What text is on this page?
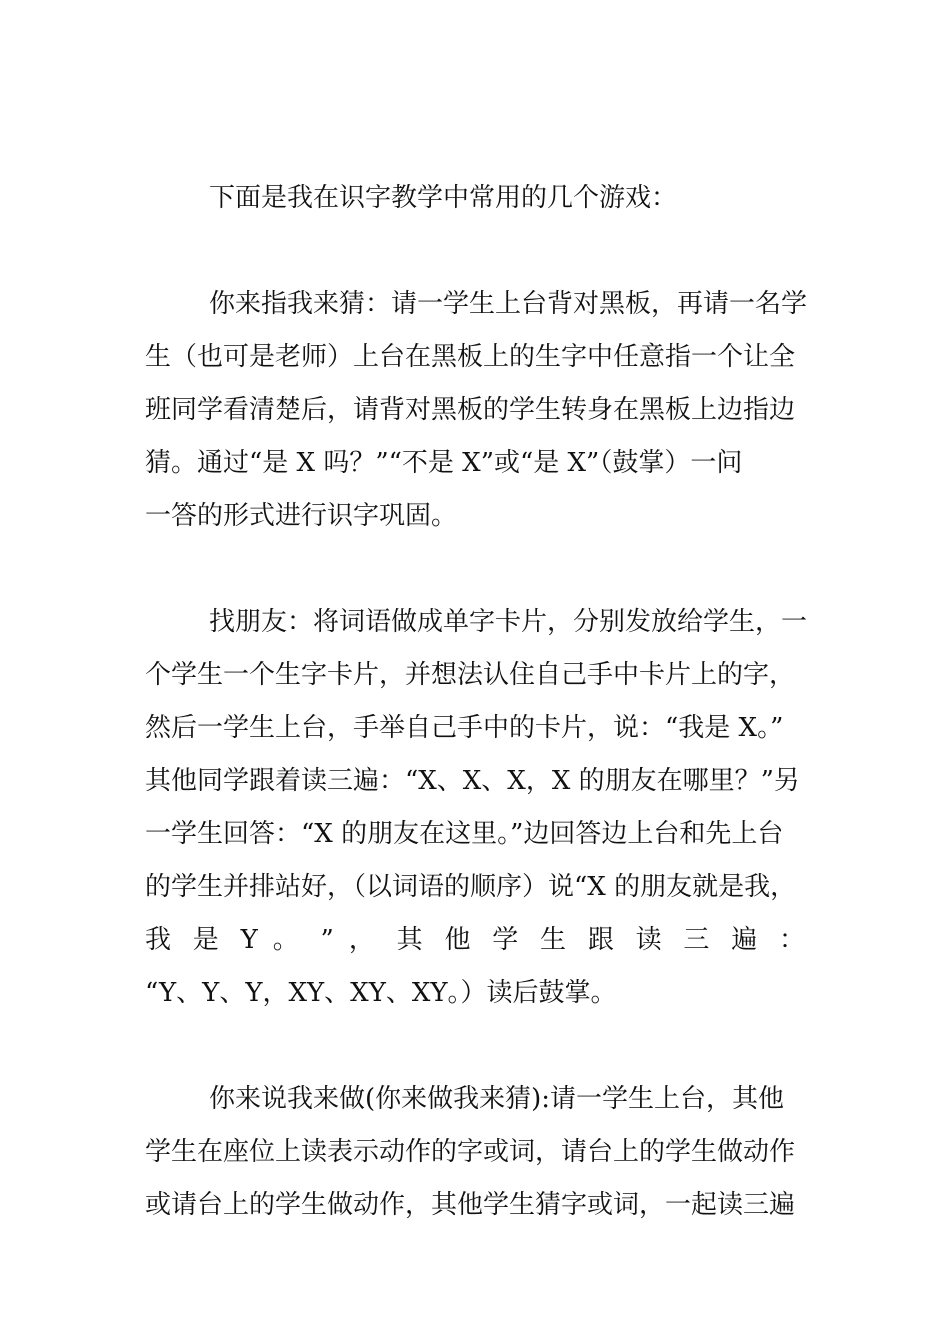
下面是我在识字教学中常用的几个游戏：
你来指我来猜：请一学生上台背对黑板，再请一名学
生（也可是老师）上台在黑板上的生字中任意指一个让全
班同学看清楚后，请背对黑板的学生转身在黑板上边指边
猜。通过“是 X 吗？”“不是 X”或“是 X”（鼓掌）一问
一答的形式进行识字巩固。
找朋友：将词语做成单字卡片，分别发放给学生，一
个学生一个生字卡片，并想法认住自己手中卡片上的字，
然后一学生上台，手举自己手中的卡片，说：“我是 X。”
其他同学跟着读三遍：“X、X、X，X 的朋友在哪里？”另
一学生回答：“X 的朋友在这里。”边回答边上台和先上台
的学生并排站好，（以词语的顺序）说“X 的朋友就是我，
我 是 Y 。 ” ， 其 他 学 生 跟 读 三 遍 ：
“Y、Y、Y，XY、XY、XY。）读后鼓掌。
你来说我来做(你来做我来猜):请一学生上台，其他
学生在座位上读表示动作的字或词，请台上的学生做动作
或请台上的学生做动作，其他学生猜字或词，一起读三遍
